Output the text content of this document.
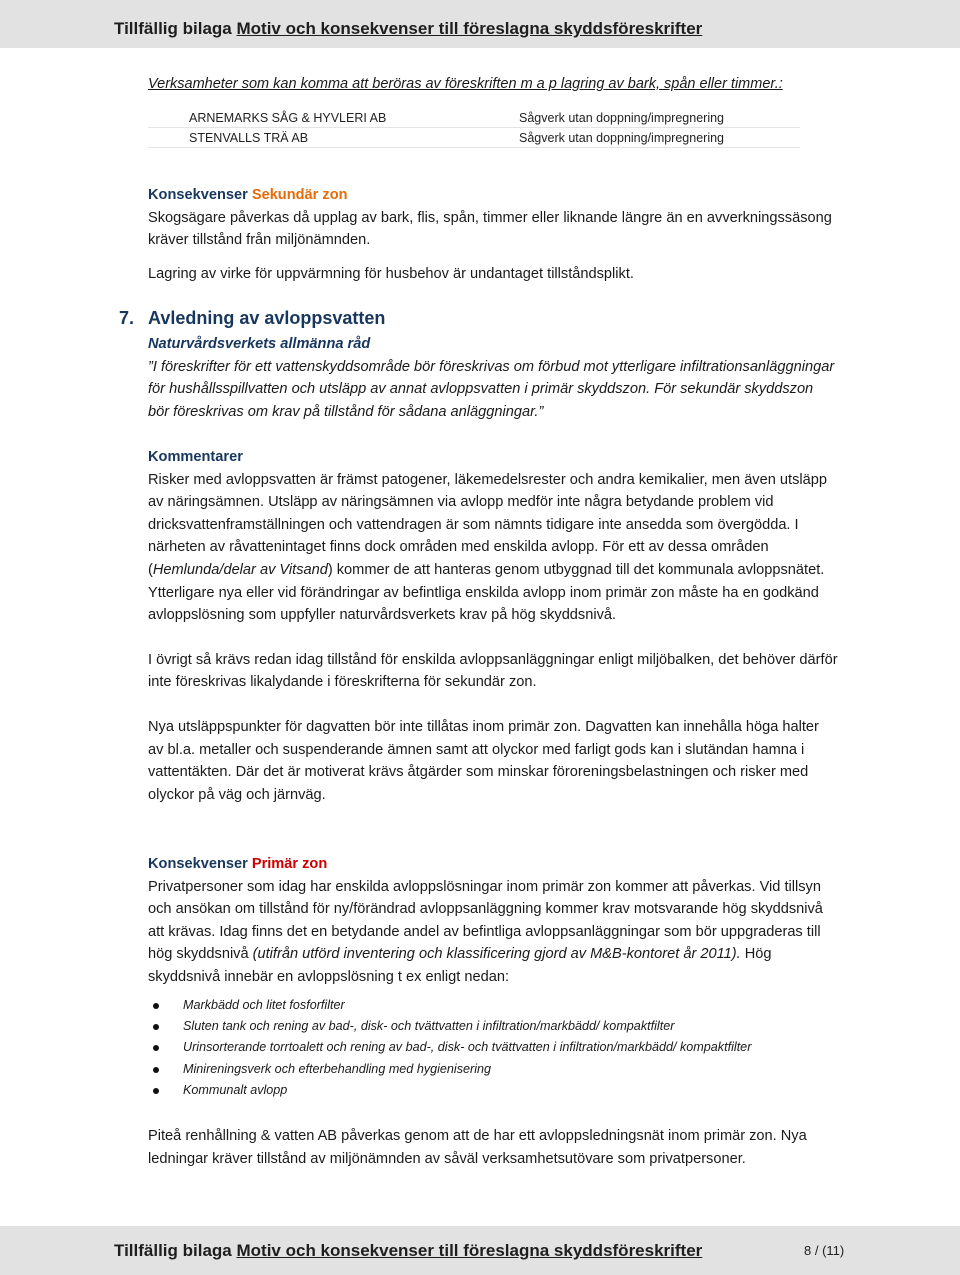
Tillfällig bilaga Motiv och konsekvenser till föreslagna skyddsföreskrifter
Verksamheter som kan komma att beröras av föreskriften m a p lagring av bark, spån eller timmer.:
ARNEMARKS SÅG & HYVLERI AB	Sågverk utan doppning/impregnering
STENVALLS TRÄ AB	Sågverk utan doppning/impregnering

Konsekvenser Sekundär zon

Skogsägare påverkas då upplag av bark, flis, spån, timmer eller liknande längre än en avverkningssäsong kräver tillstånd från miljönämnden.

Lagring av virke för uppvärmning för husbehov är undantaget tillståndsplikt.

7. Avledning av avloppsvatten

Naturvårdsverkets allmänna råd

”I föreskrifter för ett vattenskyddsområde bör föreskrivas om förbud mot ytterligare infiltrationsanläggningar för hushållsspillvatten och utsläpp av annat avloppsvatten i primär skyddszon. För sekundär skyddszon bör föreskrivas om krav på tillstånd för sådana anläggningar.”

Kommentarer

Risker med avloppsvatten är främst patogener, läkemedelsrester och andra kemikalier, men även utsläpp av näringsämnen. Utsläpp av näringsämnen via avlopp medför inte några betydande problem vid dricksvattenframställningen och vattendragen är som nämnts tidigare inte ansedda som övergödda. I närheten av råvattenintaget finns dock områden med enskilda avlopp. För ett av dessa områden (Hemlunda/delar av Vitsand) kommer de att hanteras genom utbyggnad till det kommunala avloppsnätet. Ytterligare nya eller vid förändringar av befintliga enskilda avlopp inom primär zon måste ha en godkänd avloppslösning som uppfyller naturvårdsverkets krav på hög skyddsnivå.

I övrigt så krävs redan idag tillstånd för enskilda avloppsanläggningar enligt miljöbalken, det behöver därför inte föreskrivas likalydande i föreskrifterna för sekundär zon.

Nya utsläppspunkter för dagvatten bör inte tillåtas inom primär zon. Dagvatten kan innehålla höga halter av bl.a. metaller och suspenderande ämnen samt att olyckor med farligt gods kan i slutändan hamna i vattentäkten. Där det är motiverat krävs åtgärder som minskar föroreningsbelastningen och risker med olyckor på väg och järnväg.

Konsekvenser Primär zon

Privatpersoner som idag har enskilda avloppslösningar inom primär zon kommer att påverkas. Vid tillsyn och ansökan om tillstånd för ny/förändrad avloppsanläggning kommer krav motsvarande hög skyddsnivå att krävas. Idag finns det en betydande andel av befintliga avloppsanläggningar som bör uppgraderas till hög skyddsnivå (utifrån utförd inventering och klassificering gjord av M&B-kontoret år 2011). Hög skyddsnivå innebär en avloppslösning t ex enligt nedan:

Markbädd och litet fosforfilter
Sluten tank och rening av bad-, disk- och tvättvatten i infiltration/markbädd/ kompaktfilter
Urinsorterande torrtoalett och rening av bad-, disk- och tvättvatten i infiltration/markbädd/ kompaktfilter
Minireningsverk och efterbehandling med hygienisering
Kommunalt avlopp

Piteå renhållning & vatten AB påverkas genom att de har ett avloppsledningsnät inom primär zon. Nya ledningar kräver tillstånd av miljönämnden av såväl verksamhetsutövare som privatpersoner.

Tillfällig bilaga Motiv och konsekvenser till föreslagna skyddsföreskrifter	8 / (11)
